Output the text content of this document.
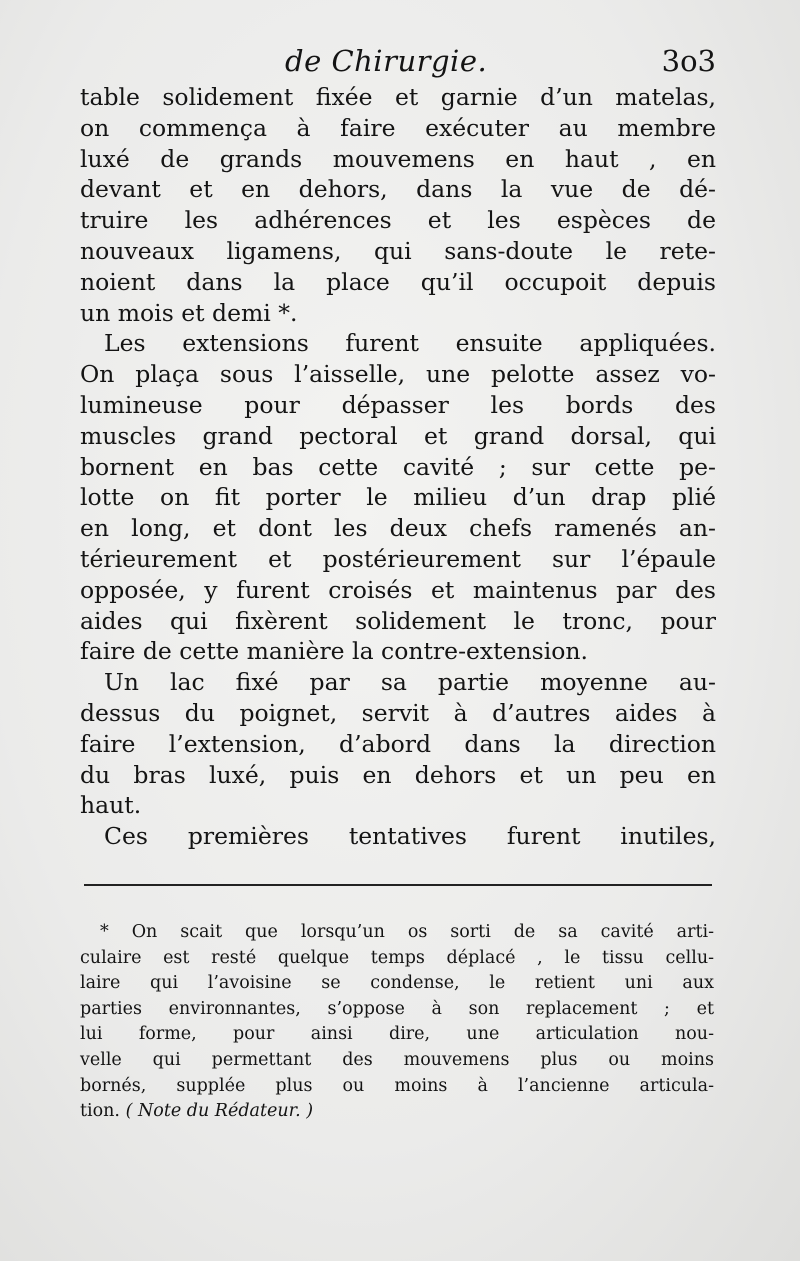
de Chirurgie.	3o3
table solidement fixée et garnie d’un matelas,
on commença à faire exécuter au membre
luxé de grands mouvemens en haut , en
devant et en dehors, dans la vue de dé-
truire les adhérences et les espèces de
nouveaux ligamens, qui sans-doute le rete-
noient dans la place qu’il occupoit depuis
un mois et demi *.
Les extensions furent ensuite appliquées.
On plaça sous l’aisselle, une pelotte assez vo-
lumineuse pour dépasser les bords des
muscles grand pectoral et grand dorsal, qui
bornent en bas cette cavité ; sur cette pe-
lotte on fit porter le milieu d’un drap plié
en long, et dont les deux chefs ramenés an-
térieurement et postérieurement sur l’épaule
opposée, y furent croisés et maintenus par des
aides qui fixèrent solidement le tronc, pour
faire de cette manière la contre-extension.
Un lac fixé par sa partie moyenne au-
dessus du poignet, servit à d’autres aides à
faire l’extension, d’abord dans la direction
du bras luxé, puis en dehors et un peu en
haut.
Ces premières tentatives furent inutiles,
* On scait que lorsqu’un os sorti de sa cavité arti-
culaire est resté quelque temps déplacé , le tissu cellu-
laire qui l’avoisine se condense, le retient uni aux
parties environnantes, s’oppose à son replacement ; et
lui forme, pour ainsi dire, une articulation nou-
velle qui permettant des mouvemens plus ou moins
bornés, supplée plus ou moins à l’ancienne articula-
tion. ( Note du Rédateur. )
